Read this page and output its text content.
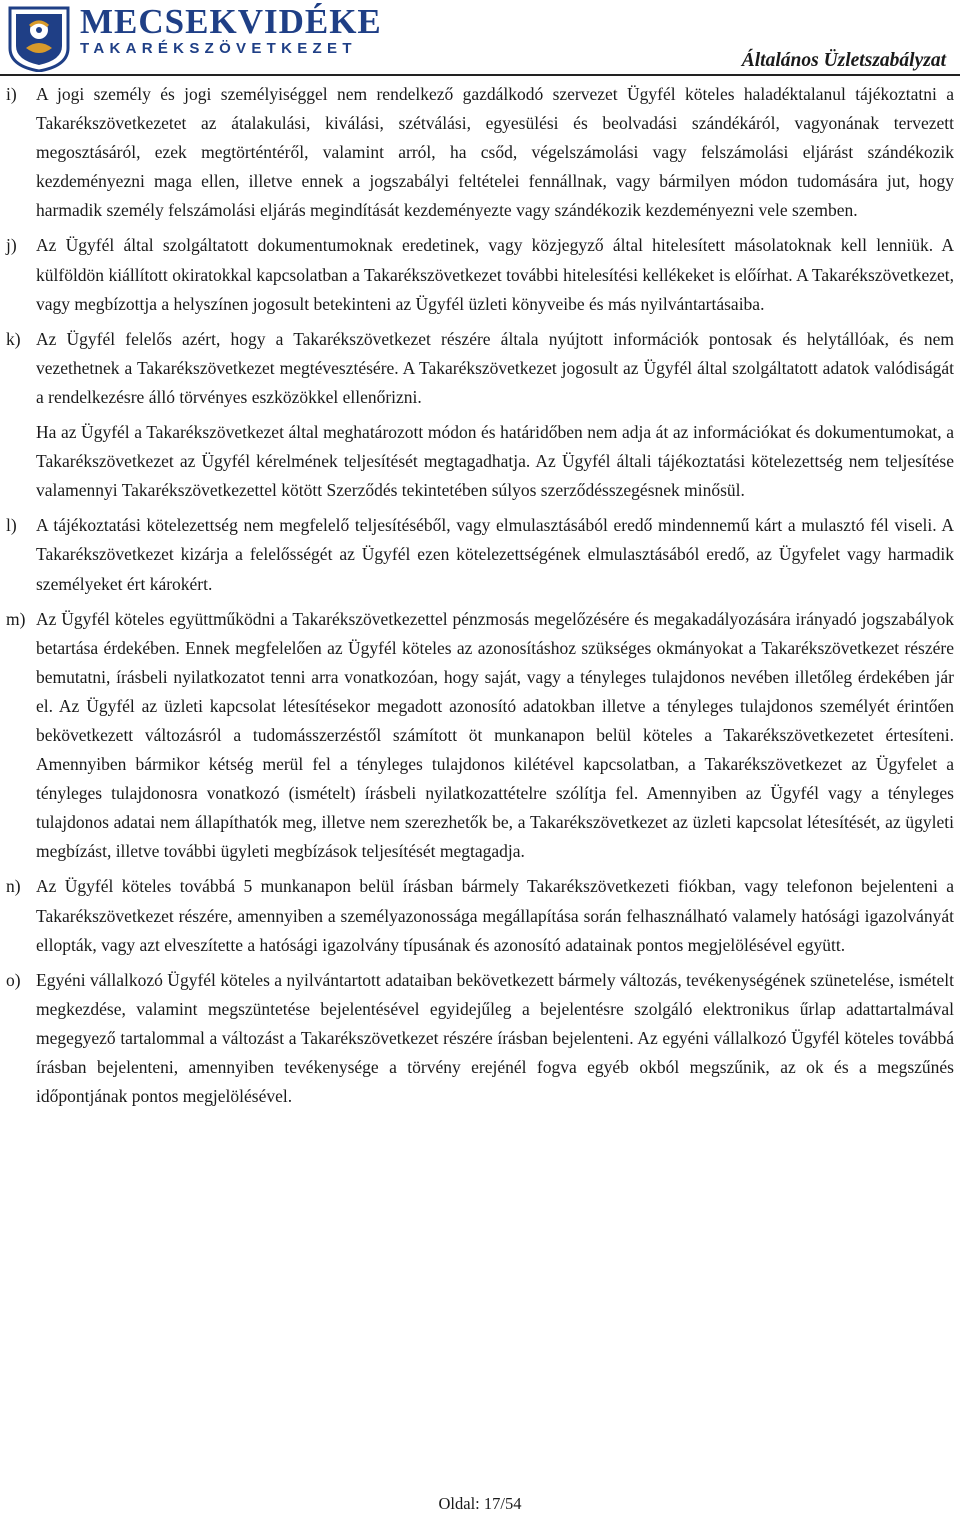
MECSEKVIDÉKE
TAKARÉKSZÖVETKEZET
Általános Üzletszabályzat
i)	A jogi személy és jogi személyiséggel nem rendelkező gazdálkodó szervezet Ügyfél köteles haladéktalanul tájékoztatni a Takarékszövetkezetet az átalakulási, kiválási, szétválási, egyesülési és beolvadási szándékáról, vagyonának tervezett megosztásáról, ezek megtörténtéről, valamint arról, ha csőd, végelszámolási vagy felszámolási eljárást szándékozik kezdeményezni maga ellen, illetve ennek a jogszabályi feltételei fennállnak, vagy bármilyen módon tudomására jut, hogy harmadik személy felszámolási eljárás megindítását kezdeményezte vagy szándékozik kezdeményezni vele szemben.
j)	Az Ügyfél által szolgáltatott dokumentumoknak eredetinek, vagy közjegyző által hitelesített másolatoknak kell lenniük. A külföldön kiállított okiratokkal kapcsolatban a Takarékszövetkezet további hitelesítési kellékeket is előírhat. A Takarékszövetkezet, vagy megbízottja a helyszínen jogosult betekinteni az Ügyfél üzleti könyveibe és más nyilvántartásaiba.
k) Az Ügyfél felelős azért, hogy a Takarékszövetkezet részére általa nyújtott információk pontosak és helytállóak, és nem vezethetnek a Takarékszövetkezet megtévesztésére. A Takarékszövetkezet jogosult az Ügyfél által szolgáltatott adatok valódiságát a rendelkezésre álló törvényes eszközökkel ellenőrizni.
Ha az Ügyfél a Takarékszövetkezet által meghatározott módon és határidőben nem adja át az információkat és dokumentumokat, a Takarékszövetkezet az Ügyfél kérelmének teljesítését megtagadhatja. Az Ügyfél általi tájékoztatási kötelezettség nem teljesítése valamennyi Takarékszövetkezettel kötött Szerződés tekintetében súlyos szerződésszegésnek minősül.
l)	A tájékoztatási kötelezettség nem megfelelő teljesítéséből, vagy elmulasztásából eredő mindennemű kárt a mulasztó fél viseli. A Takarékszövetkezet kizárja a felelősségét az Ügyfél ezen kötelezettségének elmulasztásából eredő, az Ügyfelet vagy harmadik személyeket ért károkért.
m) Az Ügyfél köteles együttműködni a Takarékszövetkezettel pénzmosás megelőzésére és megakadályozására irányadó jogszabályok betartása érdekében. Ennek megfelelően az Ügyfél köteles az azonosításhoz szükséges okmányokat a Takarékszövetkezet részére bemutatni, írásbeli nyilatkozatot tenni arra vonatkozóan, hogy saját, vagy a tényleges tulajdonos nevében illetőleg érdekében jár el. Az Ügyfél az üzleti kapcsolat létesítésekor megadott azonosító adatokban illetve a tényleges tulajdonos személyét érintően bekövetkezett változásról a tudomásszerzéstől számított öt munkanapon belül köteles a Takarékszövetkezetet értesíteni. Amennyiben bármikor kétség merül fel a tényleges tulajdonos kilétével kapcsolatban, a Takarékszövetkezet az Ügyfelet a tényleges tulajdonosra vonatkozó (ismételt) írásbeli nyilatkozattételre szólítja fel. Amennyiben az Ügyfél vagy a tényleges tulajdonos adatai nem állapíthatók meg, illetve nem szerezhetők be, a Takarékszövetkezet az üzleti kapcsolat létesítését, az ügyleti megbízást, illetve további ügyleti megbízások teljesítését megtagadja.
n) Az Ügyfél köteles továbbá 5 munkanapon belül írásban bármely Takarékszövetkezeti fiókban, vagy telefonon bejelenteni a Takarékszövetkezet részére, amennyiben a személyazonossága megállapítása során felhasználható valamely hatósági igazolványát ellopták, vagy azt elveszítette a hatósági igazolvány típusának és azonosító adatainak pontos megjelölésével együtt.
o) Egyéni vállalkozó Ügyfél köteles a nyilvántartott adataiban bekövetkezett bármely változás, tevékenységének szünetelése, ismételt megkezdése, valamint megszüntetése bejelentésével egyidejűleg a bejelentésre szolgáló elektronikus űrlap adattartalmával megegyező tartalommal a változást a Takarékszövetkezet részére írásban bejelenteni. Az egyéni vállalkozó Ügyfél köteles továbbá írásban bejelenteni, amennyiben tevékenysége a törvény erejénél fogva egyéb okból megszűnik, az ok és a megszűnés időpontjának pontos megjelölésével.
Oldal: 17/54
